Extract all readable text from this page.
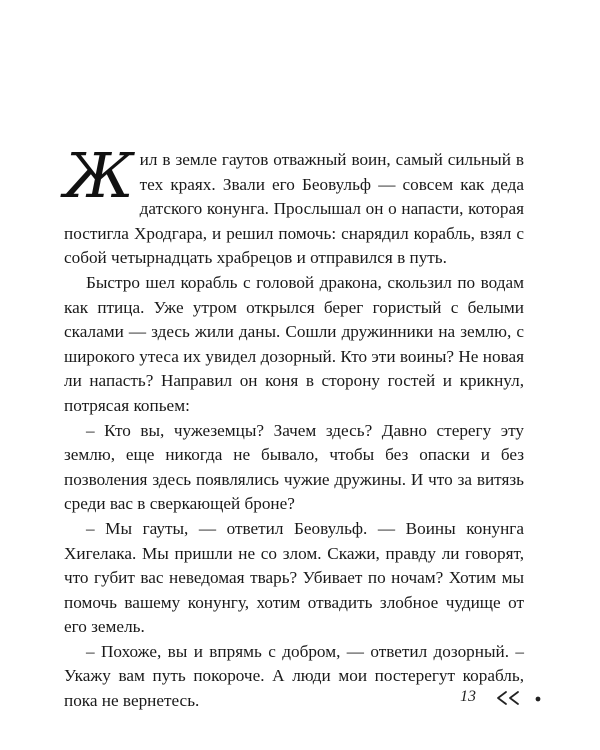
Жил в земле гаутов отважный воин, самый сильный в тех краях. Звали его Беовульф — совсем как деда датского конунга. Прослышал он о напасти, которая постигла Хродгара, и решил помочь: снарядил корабль, взял с собой четырнадцать храбрецов и отправился в путь.

Быстро шел корабль с головой дракона, скользил по водам как птица. Уже утром открылся берег гористый с белыми скалами — здесь жили даны. Сошли дружинники на землю, с широкого утеса их увидел дозорный. Кто эти воины? Не новая ли напасть? Направил он коня в сторону гостей и крикнул, потрясая копьем:

– Кто вы, чужеземцы? Зачем здесь? Давно стерегу эту землю, еще никогда не бывало, чтобы без опаски и без позволения здесь появлялись чужие дружины. И что за витязь среди вас в сверкающей броне?

– Мы гауты, — ответил Беовульф. — Воины конунга Хигелака. Мы пришли не со злом. Скажи, правду ли говорят, что губит вас неведомая тварь? Убивает по ночам? Хотим мы помочь вашему конунгу, хотим отвадить злобное чудище от его земель.

– Похоже, вы и впрямь с добром, — ответил дозорный. – Укажу вам путь покороче. А люди мои постерегут корабль, пока не вернетесь.	13
